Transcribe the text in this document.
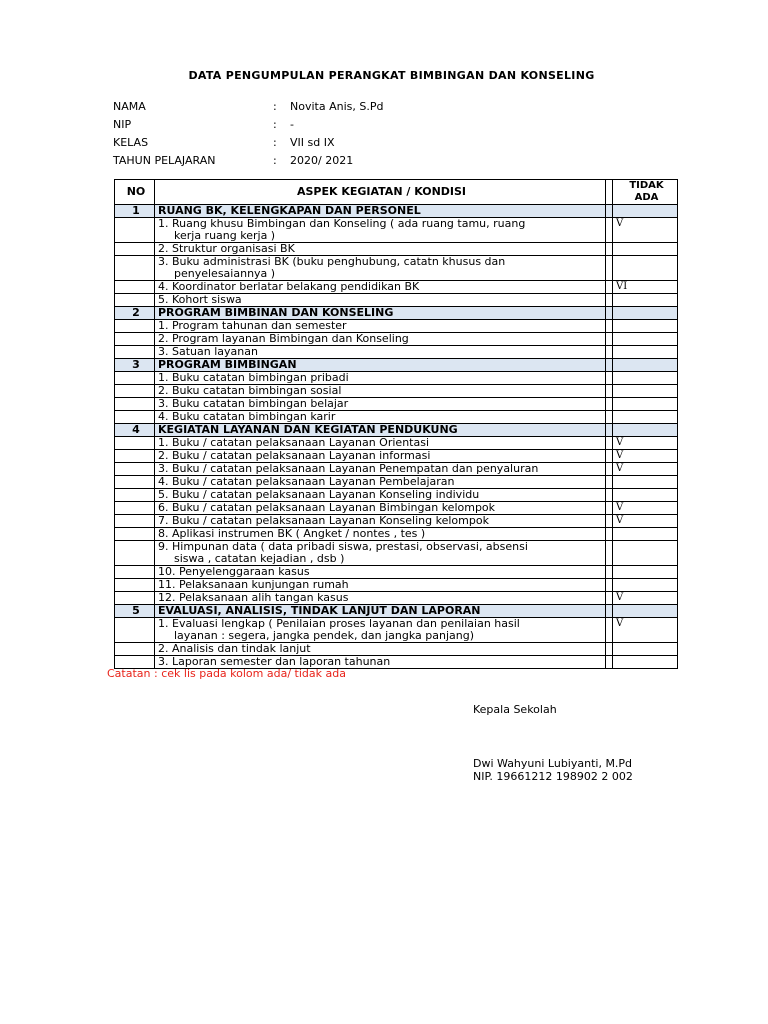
DATA PENGUMPULAN PERANGKAT BIMBINGAN DAN KONSELING
NAMA	:	Novita Anis, S.Pd
NIP	:	-
KELAS	:	VII sd IX
TAHUN PELAJARAN	:	2020/ 2021
NO	ASPEK KEGIATAN / KONDISI		TIDAK
ADA
1	RUANG BK, KELENGKAPAN DAN PERSONEL		
	1. Ruang khusu Bimbingan dan Konseling ( ada ruang tamu, ruang
kerja ruang kerja )		V
	2. Struktur organisasi BK		
	3. Buku administrasi BK (buku penghubung, catatn khusus dan
penyelesaiannya )		

	4. Koordinator berlatar belakang pendidikan BK		VI
	5. Kohort siswa		
2	PROGRAM BIMBINAN DAN KONSELING		
	1. Program tahunan dan semester		
	2. Program layanan Bimbingan dan Konseling		
	3. Satuan layanan		
3	PROGRAM BIMBINGAN		
	1. Buku catatan bimbingan pribadi		
	2. Buku catatan bimbingan sosial		
	3. Buku catatan bimbingan belajar		
	4. Buku catatan bimbingan karir		
4	KEGIATAN LAYANAN DAN KEGIATAN PENDUKUNG		
	1. Buku / catatan pelaksanaan Layanan Orientasi		V
	2. Buku / catatan pelaksanaan Layanan informasi		V
	3. Buku / catatan pelaksanaan Layanan Penempatan dan penyaluran		V
	4. Buku / catatan pelaksanaan Layanan Pembelajaran		
	5. Buku / catatan pelaksanaan Layanan Konseling individu		
	6. Buku / catatan pelaksanaan Layanan Bimbingan kelompok		V
	7. Buku / catatan pelaksanaan Layanan Konseling kelompok		V
	8. Aplikasi instrumen BK ( Angket / nontes , tes )		
	9. Himpunan data ( data pribadi siswa, prestasi, observasi, absensi
siswa , catatan kejadian , dsb )		

	10. Penyelenggaraan kasus		
	11. Pelaksanaan kunjungan rumah		
	12. Pelaksanaan alih tangan kasus		V
5	EVALUASI, ANALISIS, TINDAK LANJUT DAN LAPORAN		
	1. Evaluasi lengkap ( Penilaian proses layanan dan penilaian hasil
layanan : segera, jangka pendek, dan jangka panjang)		V
	2. Analisis dan tindak lanjut		
	3. Laporan semester dan laporan tahunan		
Catatan : cek lis pada kolom ada/ tidak ada
Kepala Sekolah
Dwi Wahyuni Lubiyanti, M.Pd
NIP. 19661212 198902 2 002
